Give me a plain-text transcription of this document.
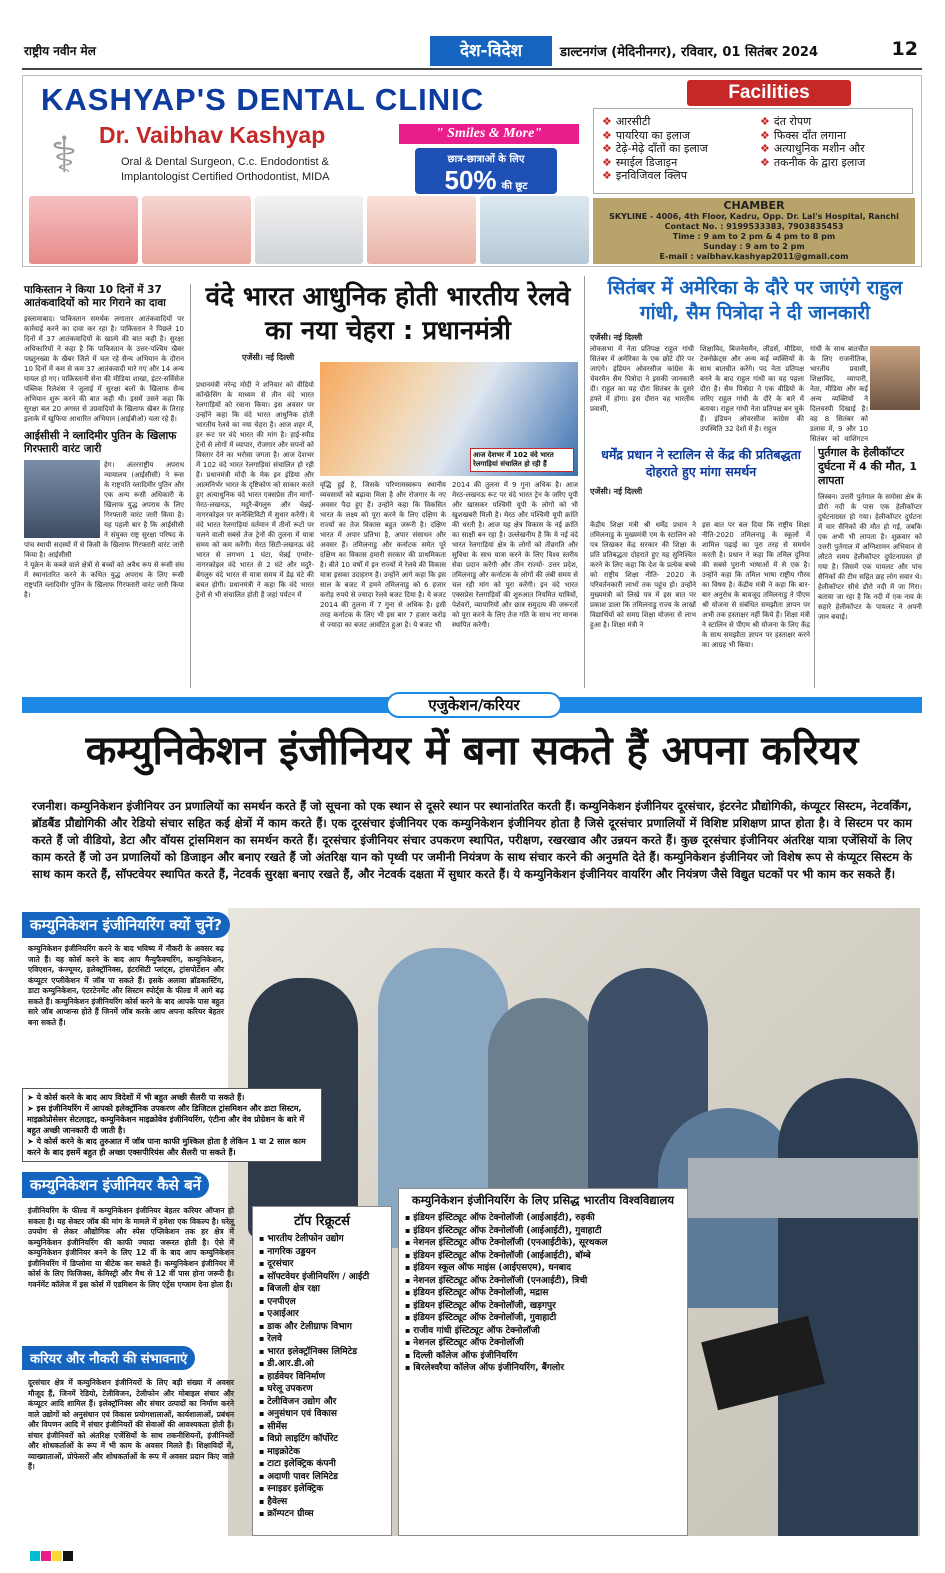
राष्ट्रीय नवीन मेल	देश-विदेश	डाल्टनगंज (मेदिनीनगर), रविवार, 01 सितंबर 2024	12
KASHYAP'S DENTAL CLINIC
⚕ Dr. Vaibhav Kashyap
Oral & Dental Surgeon, C.c. Endodontist &
Implantologist Certified Orthodontist, MIDA
" Smiles & More"
छात्र-छात्राओं के लिए
50% की छूट
Facilities
❖ आरसीटी
❖ पायरिया का इलाज
❖ टेढ़े-मेढ़े दाँतों का इलाज
❖ स्माईल डिजाइन
❖ इनविजिवल क्लिप
❖ दंत रोपण
❖ फिक्स दाँत लगाना
❖ अत्याधुनिक मशीन और
❖ तकनीक के द्वारा इलाज
CHAMBER
SKYLINE - 4006, 4th Floor, Kadru, Opp. Dr. Lal's Hospital, Ranchi
Contact No. : 9199533383, 7903835453
Time : 9 am to 2 pm & 4 pm to 8 pm
Sunday : 9 am to 2 pm
E-mail : vaibhav.kashyap2011@gmail.com
पाकिस्तान ने किया 10 दिनों में 37 आतंकवादियों को मार गिराने का दावा
इस्लामाबाद। पाकिस्तान समर्थक लगातार आतंकवादियों पर कार्रवाई करने का दावा कर रहा है। पाकिस्तान ने पिछले 10 दिनों में 37 आतंकवादियों के खात्मे की बात कही है। सुरक्षा अधिकारियों ने कहा है कि पाकिस्तान के उत्तर-पश्चिम खैबर पख्तूनख्वा के खैबर जिले में चल रहे सैन्य अभियान के दौरान 10 दिनों में कम से कम 37 आतंकवादी मारे गए और 14 अन्य घायल हो गए। पाकिस्तानी सेना की मीडिया शाखा, इंटर-सर्विसेज पब्लिक रिलेशंस ने जुलाई में सुरक्षा बलों के खिलाफ सैन्य अभियान शुरू करने की बात कही थी। इसमें उसने कहा कि सुरक्षा बल 20 अगस्त से उग्रवादियों के खिलाफ खैबर के तिराह इलाके में खुफिया आधारित अभियान (आईबीओ) चला रहे हैं।
आईसीसी ने व्लादिमीर पुतिन के खिलाफ गिरफ्तारी वारंट जारी
हेग। अंतरराष्ट्रीय अपराध न्यायालय (आईसीसी) ने रूस के राष्ट्रपति व्लादिमीर पुतिन और एक अन्य रूसी अधिकारी के खिलाफ युद्ध अपराध के लिए गिरफ्तारी वारंट जारी किया है। यह पहली बार है कि आईसीसी ने संयुक्त राष्ट्र सुरक्षा परिषद के पांच स्थायी सदस्यों में से किसी के खिलाफ गिरफ्तारी वारंट जारी किया है। आईसीसी
ने यूक्रेन के कब्जे वाले क्षेत्रों से बच्चों को अवैध रूप से रूसी संघ में स्थानांतरित करने के कथित युद्ध अपराध के लिए रूसी राष्ट्रपति व्लादिमीर पुतिन के खिलाफ गिरफ्तारी वारंट जारी किया है।
वंदे भारत आधुनिक होती भारतीय रेलवे का नया चेहरा : प्रधानमंत्री
एजेंसी। नई दिल्ली
प्रधानमंत्री नरेन्द्र मोदी ने शनिवार को वीडियो कॉन्फ्रेंसिंग के माध्यम से तीन वंदे भारत रेलगाड़ियों को रवाना किया। इस अवसर पर उन्होंने कहा कि वंदे भारत आधुनिक होती भारतीय रेलवे का नया चेहरा है। आज शहर में, हर रूट पर वंदे भारत की मांग है। हाई-स्पीड ट्रेनों से लोगों में व्यापार, रोजगार और सपनों को विस्तार देने का भरोसा जगता है। आज देशभर में 102 वंदे भारत रेलगाड़ियां संचालित हो रही हैं। प्रधानमंत्री मोदी के मेक इन इंडिया और आत्मनिर्भर भारत के दृष्टिकोण को साकार करते हुए अत्याधुनिक वंदे भारत एक्सप्रेस तीन मार्गों- मेरठ-लखनऊ, मदुरै-बेंगलुरु और चेन्नई-नागरकोइल पर कनेक्टिविटी में सुधार करेंगी। ये वंदे भारत रेलगाड़ियां वर्तमान में तीनों रूटों पर चलने वाली सबसे तेज ट्रेनों की तुलना में यात्रा समय को कम करेंगी। मेरठ सिटी-लखनऊ वंदे भारत से लगभग 1 घंटा, चेन्नई एग्मोर-नागरकोइल वंदे भारत से 2 घंटे और मदुरै-बेंगलुरु वंदे भारत से यात्रा समय में डेढ़ घंटे की बचत होगी। प्रधानमंत्री ने कहा कि वंदे भारत ट्रेनों से भी संचालित होती हैं जहां पर्यटन में
आज देशभर में 102 वंदे भारत रेलगाड़ियां संचालित हो रही हैं
वृद्धि हुई है, जिसके परिणामस्वरूप स्थानीय व्यवसायों को बढ़ावा मिला है और रोजगार के नए अवसर पैदा हुए हैं। उन्होंने कहा कि विकसित भारत के लक्ष्य को पूरा करने के लिए दक्षिण के राज्यों का तेज विकास बहुत जरूरी है। दक्षिण भारत में अपार प्रतिभा है, अपार संसाधन और अवसर हैं। तमिलनाडु और कर्नाटक समेत पूरे दक्षिण का विकास हमारी सरकार की प्राथमिकता है। बीते 10 वर्षों में इन राज्यों में रेलवे की विकास यात्रा इसका उदाहरण है। उन्होंने आगे कहा कि इस साल के बजट में हमने तमिलनाडु को 6 हजार करोड़ रुपये से ज्यादा रेलवे बजट दिया है। ये बजट 2014 की तुलना में 7 गुना से अधिक है। इसी तरह कर्नाटक के लिए भी इस बार 7 हजार करोड़ से ज्यादा का बजट आवंटित हुआ है। ये बजट भी
2014 की तुलना में 9 गुना अधिक है। आज मेरठ-लखनऊ रूट पर वंदे भारत ट्रेन के जरिए यूपी और खासकर पश्चिमी यूपी के लोगों को भी खुशखबरी मिली है। मेरठ और पश्चिमी यूपी क्रांति की धरती है। आज यह क्षेत्र विकास के नई क्रांति का साक्षी बन रहा है। उल्लेखनीय है कि ये नई वंदे भारत रेलगाड़ियां क्षेत्र के लोगों को तीव्रगति और सुविधा के साथ यात्रा करने के लिए विश्व स्तरीय सेवा प्रदान करेंगी और तीन राज्यों- उत्तर प्रदेश, तमिलनाडु और कर्नाटक के लोगों की लंबी समय से चल रही मांग को पूरा करेंगी। इन वंदे भारत एक्सप्रेस रेलगाड़ियों की शुरुआत नियमित यात्रियों, पेशेवरों, व्यापारियों और छात्र समुदाय की जरूरतों को पूरा करने के लिए तेज गति के साथ नए मानक स्थापित करेगी।
सितंबर में अमेरिका के दौरे पर जाएंगे राहुल गांधी, सैम पित्रोदा ने दी जानकारी
एजेंसी। नई दिल्ली
लोकसभा में नेता प्रतिपक्ष राहुल गांधी सितंबर में अमेरिका के एक छोटे दौरे पर जाएंगे। इंडियन ओवरसीज कांग्रेस के चेयरमैन सैम पित्रोदा ने इसकी जानकारी दी। राहुल का यह दौरा सितंबर के दूसरे हफ्ते में होगा। इस दौरान वह भारतीय प्रवासी,
शिक्षाविद, बिजनेसमैन, लीडर्स, मीडिया, टेक्नोक्रेट्स और अन्य कई व्यक्तियों के साथ बातचीत करेंगे। पद नेता प्रतिपक्ष बनने के बाद राहुल गांधी का यह पहला दौरा है। सैम पित्रोदा ने एक वीडियो के जरिए राहुल गांधी के दौरे के बारे में बताया। राहुल गांधी नेता प्रतिपक्ष बन चुके हैं। इंडियन ओवरसीज कांग्रेस की उपस्थिति 32 देशों में है। राहुल
गांधी के साथ बातचीत के लिए राजनीतिक, भारतीय प्रवासी, शिक्षाविद, व्यापारी, नेता, मीडिया और कई अन्य व्यक्तियों ने दिलचस्पी दिखाई है। वह 8 सितंबर को डलास में, 9 और 10 सितंबर को वाशिंगटन
धर्मेंद्र प्रधान ने स्टालिन से केंद्र की प्रतिबद्धता दोहराते हुए मांगा समर्थन
एजेंसी। नई दिल्ली
केंद्रीय शिक्षा मंत्री श्री धर्मेंद्र प्रधान ने तमिलनाडु के मुख्यमंत्री एम के स्टालिन को पत्र लिखकर केंद्र सरकार की शिक्षा के प्रति प्रतिबद्धता दोहराते हुए यह सुनिश्चित करने के लिए कहा कि देश के प्रत्येक बच्चे को राष्ट्रीय शिक्षा नीति- 2020 के परिवर्तनकारी लाभों तक पहुंच हो। उन्होंने मुख्यमंत्री को लिखे पत्र में इस बात पर प्रकाश डाला कि तमिलनाडु राज्य के लाखों विद्यार्थियों को समग्र शिक्षा योजना से लाभ हुआ है। शिक्षा मंत्री ने
इस बात पर बल दिया कि राष्ट्रीय शिक्षा नीति-2020 तमिलनाडु के स्कूलों में शामिल पढ़ाई का पूरा तरह से समर्थन करती है। प्रधान ने कहा कि तमिल दुनिया की सबसे पुरानी भाषाओं में से एक है। उन्होंने कहा कि तमिल भाषा राष्ट्रीय गौरव का विषय है। केंद्रीय मंत्री ने कहा कि बार-बार अनुरोध के बावजूद तमिलनाडु ने पीएम श्री योजना से संबंधित समझौता ज्ञापन पर अभी तक हस्ताक्षर नहीं किये हैं। शिक्षा मंत्री ने स्टालिन से पीएम श्री योजना के लिए केंद्र के साथ समझौता ज्ञापन पर हस्ताक्षर करने का आग्रह भी किया।
पुर्तगाल के हेलीकॉप्टर दुर्घटना में 4 की मौत, 1 लापता
लिस्बन। उत्तरी पुर्तगाल के समोसा क्षेत्र के डौरो नदी के पास एक हेलीकॉप्टर दुर्घटनाग्रस्त हो गया। हेलीकॉप्टर दुर्घटना में चार सैनिकों की मौत हो गई, जबकि एक अभी भी लापता है। शुक्रवार को उत्तरी पुर्तगाल में अग्निशामन अभियान से लौटते समय हेलीकॉप्टर दुर्घटनाग्रस्त हो गया है। जिसमें एक पायलट और पांच सैनिकों की टीम सहित छह लोग सवार थे। हेलीकॉप्टर सीधे डौरो नदी में जा गिरा। बताया जा रहा है कि नदी में एक नाव के सहारे हेलीकॉप्टर के पायलट ने अपनी जान बचाई।
एजुकेशन/करियर
कम्युनिकेशन इंजीनियर में बना सकते हैं अपना करियर
रजनीश। कम्युनिकेशन इंजीनियर उन प्रणालियों का समर्थन करते हैं जो सूचना को एक स्थान से दूसरे स्थान पर स्थानांतरित करती हैं। कम्युनिकेशन इंजीनियर दूरसंचार, इंटरनेट प्रौद्योगिकी, कंप्यूटर सिस्टम, नेटवर्किंग, ब्रॉडबैंड प्रौद्योगिकी और रेडियो संचार सहित कई क्षेत्रों में काम करते हैं। एक दूरसंचार इंजीनियर एक कम्युनिकेशन इंजीनियर होता है जिसे दूरसंचार प्रणालियों में विशिष्ट प्रशिक्षण प्राप्त होता है। वे सिस्टम पर काम करते हैं जो वीडियो, डेटा और वॉयस ट्रांसमिशन का समर्थन करते हैं। दूरसंचार इंजीनियर संचार उपकरण स्थापित, परीक्षण, रखरखाव और उन्नयन करते हैं। कुछ दूरसंचार इंजीनियर अंतरिक्ष यात्रा एजेंसियों के लिए काम करते हैं जो उन प्रणालियों को डिजाइन और बनाए रखते हैं जो अंतरिक्ष यान को पृथ्वी पर जमीनी नियंत्रण के साथ संचार करने की अनुमति देते हैं। कम्युनिकेशन इंजीनियर जो विशेष रूप से कंप्यूटर सिस्टम के साथ काम करते हैं, सॉफ्टवेयर स्थापित करते हैं, नेटवर्क सुरक्षा बनाए रखते हैं, और नेटवर्क दक्षता में सुधार करते हैं। ये कम्युनिकेशन इंजीनियर वायरिंग और नियंत्रण जैसे विद्युत घटकों पर भी काम कर सकते हैं।
कम्युनिकेशन इंजीनियरिंग क्यों चुनें?
कम्युनिकेशन इंजीनियरिंग करने के बाद भविष्य में नौकरी के अवसर बढ़ जाते हैं। यह कोर्स करने के बाद आप मैन्युफैक्चरिंग, कम्युनिकेशन, एविएशन, कंज्यूमर, इलेक्ट्रॉनिक्स, इंटरसिटी प्लांट्स, ट्रांसपोर्टेशन और कंप्यूटर एप्लीकेशन में जॉब पा सकते हैं। इसके अलावा ब्रॉडकास्टिंग, डाटा कम्युनिकेशन, एंटरटेनमेंट और सिस्टम स्पोर्ट्स के फील्ड में आगे बढ़ सकते हैं। कम्युनिकेशन इंजीनियरिंग कोर्स करने के बाद आपके पास बहुत सारे जॉब आप्शन्स होते हैं जिनमें जॉब करके आप अपना करियर बेहतर बना सकते हैं।
➤ ये कोर्स करने के बाद आप विदेशों में भी बहुत अच्छी सैलरी पा सकते हैं।
➤ इस इंजीनियरिंग में आपको इलेक्ट्रॉनिक उपकरण और डिजिटल ट्रांसमिशन और डाटा सिस्टम, माइक्रोप्रोसेसर सेटलाइट, कम्युनिकेशन माइक्रोवेव इंजीनियरिंग, एंटीना और वेव प्रोग्रेशन के बारे में बहुत अच्छी जानकारी दी जाती है।
➤ ये कोर्स करने के बाद तुरुआत में जॉब पाना काफी मुश्किल होता है लेकिन 1 या 2 साल काम करने के बाद इसमें बहुत ही अच्छा एक्सपीरियंस और सैलरी पा सकते हैं।
कम्युनिकेशन इंजीनियर कैसे बनें
इंजीनियरिंग के फील्ड में कम्युनिकेशन इंजीनियर बेहतर करियर ऑप्शन हो सकता है। यह सेक्टर जॉब की मांग के मामले में हमेशा एक विकल्प है। घरेलू उपयोग से लेकर औद्योगिक और स्पेस एप्लिकेशन तक हर क्षेत्र में कम्युनिकेशन इंजीनियरिंग की काफी ज्यादा जरूरत होती है। ऐसे में कम्युनिकेशन इंजीनियर बनने के लिए 12 वीं के बाद आप कम्युनिकेशन इंजीनियरिंग में डिप्लोमा या बीटेक कर सकते हैं। कम्युनिकेशन इंजीनियर में कोर्स के लिए फिजिक्स, केमिस्ट्री और मैथ से 12 वीं पास होना जरूरी है। गवर्नमेंट कॉलेज में इस कोर्स में एडमिशन के लिए एंट्रेंस एग्जाम देना होता है।
करियर और नौकरी की संभावनाएं
दूरसंचार क्षेत्र में कम्युनिकेशन इंजीनियरों के लिए बड़ी संख्या में अवसर मौजूद हैं, जिनमें रेडियो, टेलीविजन, टेलीफोन और मोबाइल संचार और कंप्यूटर आदि शामिल हैं। इलेक्ट्रॉनिक्स और संचार उत्पादों का निर्माण करने वाले उद्योगों को अनुसंधान एवं विकास प्रयोगशालाओं, कार्यशालाओं, प्रबंधन और विपणन आदि में संचार इंजीनियरों की सेवाओं की आवश्यकता होती है। संचार इंजीनियरों को अंतरिक्ष एजेंसियों के साथ तकनीशियनों, इंजीनियरों और शोधकर्ताओं के रूप में भी काम के अवसर मिलते हैं। शिक्षाविदों में, व्याख्याताओं, प्रोफेसरों और शोधकर्ताओं के रूप में अवसर प्रदान किए जाते हैं।
टॉप रिक्रूटर्स
▪ भारतीय टेलीफोन उद्योग
▪ नागरिक उड्डयन
▪ दूरसंचार
▪ सॉफ्टवेयर इंजीनियरिंग / आईटी
▪ बिजली क्षेत्र रक्षा
▪ एनपीएल
▪ एआईआर
▪ डाक और टेलीग्राफ विभाग
▪ रेलवे
▪ भारत इलेक्ट्रॉनिक्स लिमिटेड
▪ डी.आर.डी.ओ
▪ हार्डवेयर विनिर्माण
▪ घरेलू उपकरण
▪ टेलीविजन उद्योग और
▪ अनुसंधान एवं विकास
▪ सीमेंस
▪ विप्रो लाइटिंग कॉर्पोरेट
▪ माइक्रोटेक
▪ टाटा इलेक्ट्रिक कंपनी
▪ अदाणी पावर लिमिटेड
▪ स्नाइडर इलेक्ट्रिक
▪ हैवेल्स
▪ क्रॉम्पटन ग्रीव्स
कम्युनिकेशन इंजीनियरिंग के लिए प्रसिद्ध भारतीय विश्वविद्यालय
▪ इंडियन इंस्टिट्यूट ऑफ टेक्नोलॉजी (आईआईटी), रुड़की
▪ इंडियन इंस्टिट्यूट ऑफ टेक्नोलॉजी (आईआईटी), गुवाहाटी
▪ नेशनल इंस्टिट्यूट ऑफ टेक्नोलॉजी (एनआईटीके), सूरथकल
▪ इंडियन इंस्टिट्यूट ऑफ टेक्नोलॉजी (आईआईटी), बॉम्बे
▪ इंडियन स्कूल ऑफ माइंस (आईएसएम), धनबाद
▪ नेशनल इंस्टिट्यूट ऑफ टेक्नोलॉजी (एनआईटी), त्रिची
▪ इंडियन इंस्टिट्यूट ऑफ टेक्नोलॉजी, मद्रास
▪ इंडियन इंस्टिट्यूट ऑफ टेक्नोलॉजी, खड़गपुर
▪ इंडियन इंस्टिट्यूट ऑफ टेक्नोलॉजी, गुवाहाटी
▪ राजीव गांधी इंस्टिट्यूट ऑफ टेक्नोलॉजी
▪ नेशनल इंस्टिट्यूट ऑफ टेक्नोलॉजी
▪ दिल्ली कॉलेज ऑफ इंजीनियरिंग
▪ बिरलेश्वरैया कॉलेज ऑफ इंजीनियरिंग, बैंगलोर
